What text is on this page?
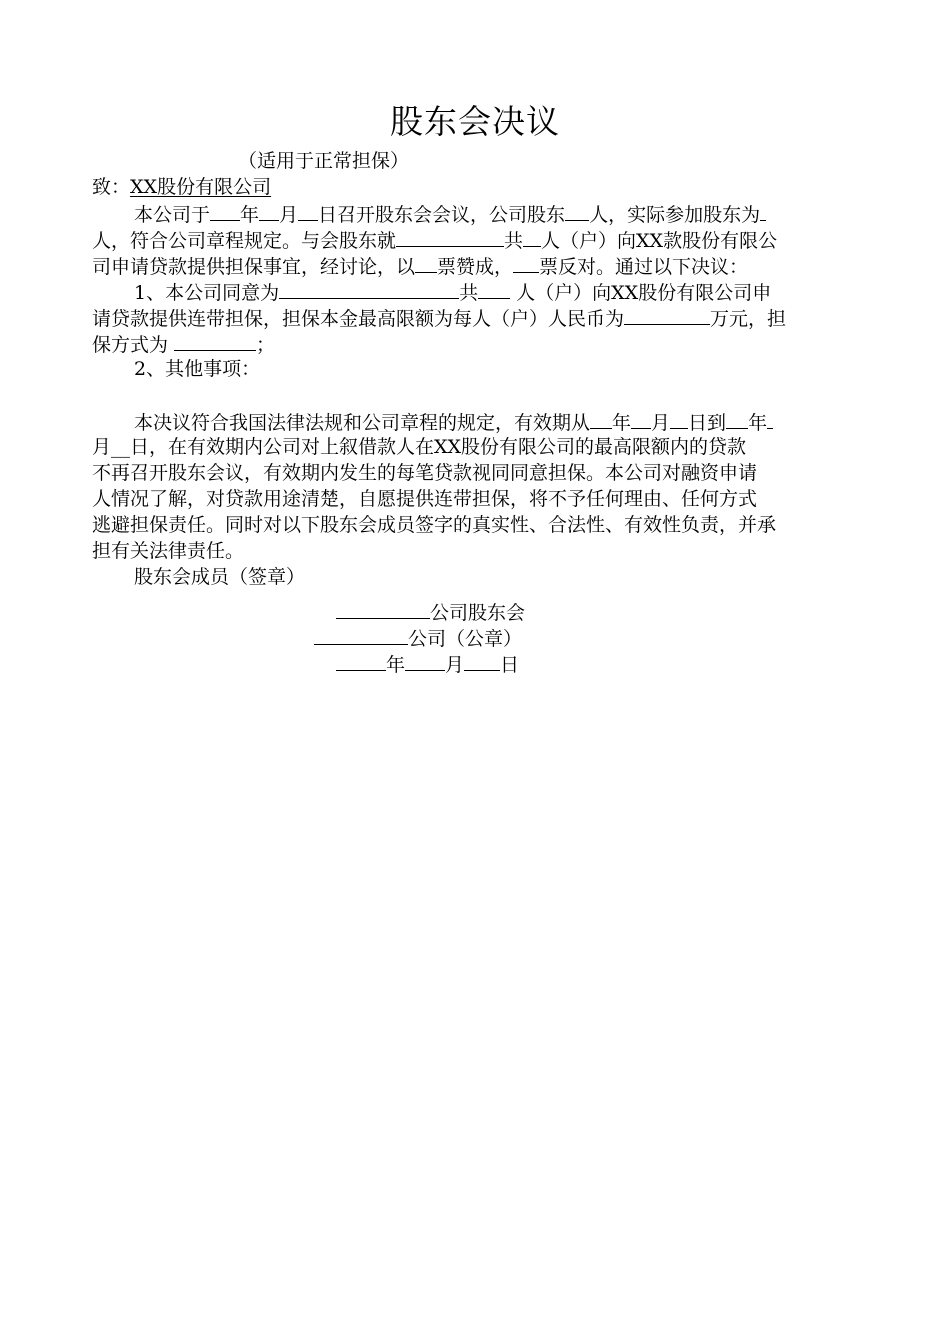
股东会决议
（适用于正常担保）
致：XX股份有限公司
本公司于 年 月 日召开股东会会议，公司股东 人，实际参加股东为
人，符合公司章程规定。与会股东就	共 人（户）向XX款股份有限公
司申请贷款提供担保事宜，经讨论，以 票赞成， 票反对。通过以下决议：
1、本公司同意为	共 人（户）向XX股份有限公司申
请贷款提供连带担保，担保本金最高限额为每人（户）人民币为	万元，担
保方式为	；
2、其他事项：
本决议符合我国法律法规和公司章程的规定，有效期从 年 月 日到 年
月__日，在有效期内公司对上叙借款人在XX股份有限公司的最高限额内的贷款
不再召开股东会议，有效期内发生的每笔贷款视同同意担保。本公司对融资申请
人情况了解，对贷款用途清楚，自愿提供连带担保，将不予任何理由、任何方式
逃避担保责任。同时对以下股东会成员签字的真实性、合法性、有效性负责，并承
担有关法律责任。
股东会成员（签章）
公司股东会
公司（公章）
年 月 日
